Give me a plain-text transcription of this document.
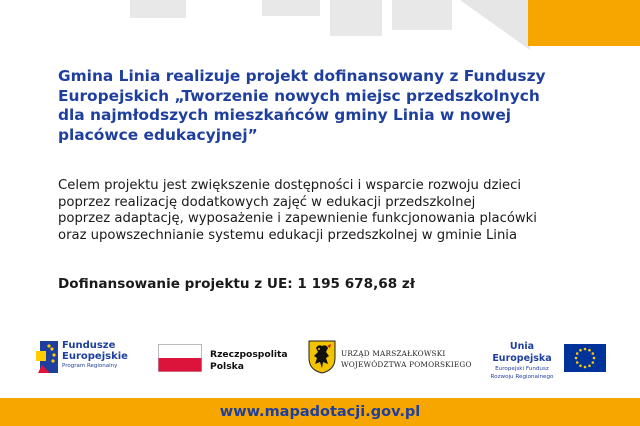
Gmina Linia realizuje projekt dofinansowany z Funduszy
Europejskich „Tworzenie nowych miejsc przedszkolnych
dla najmłodszych mieszkańców gminy Linia w nowej
placówce edukacyjnej”

Celem projektu jest zwiększenie dostępności i wsparcie rozwoju dzieci
poprzez realizację dodatkowych zajęć w edukacji przedszkolnej
poprzez adaptację, wyposażenie i zapewnienie funkcjonowania placówki
oraz upowszechnianie systemu edukacji przedszkolnej w gminie Linia

Dofinansowanie projektu z UE: 1 195 678,68 zł
Fundusze
Europejskie
Program Regionalny
Rzeczpospolita
Polska
URZĄD MARSZAŁKOWSKI
WOJEWÓDZTWA POMORSKIEGO
Unia Europejska
Europejski Fundusz
Rozwoju Regionalnego
www.mapadotacji.gov.pl
